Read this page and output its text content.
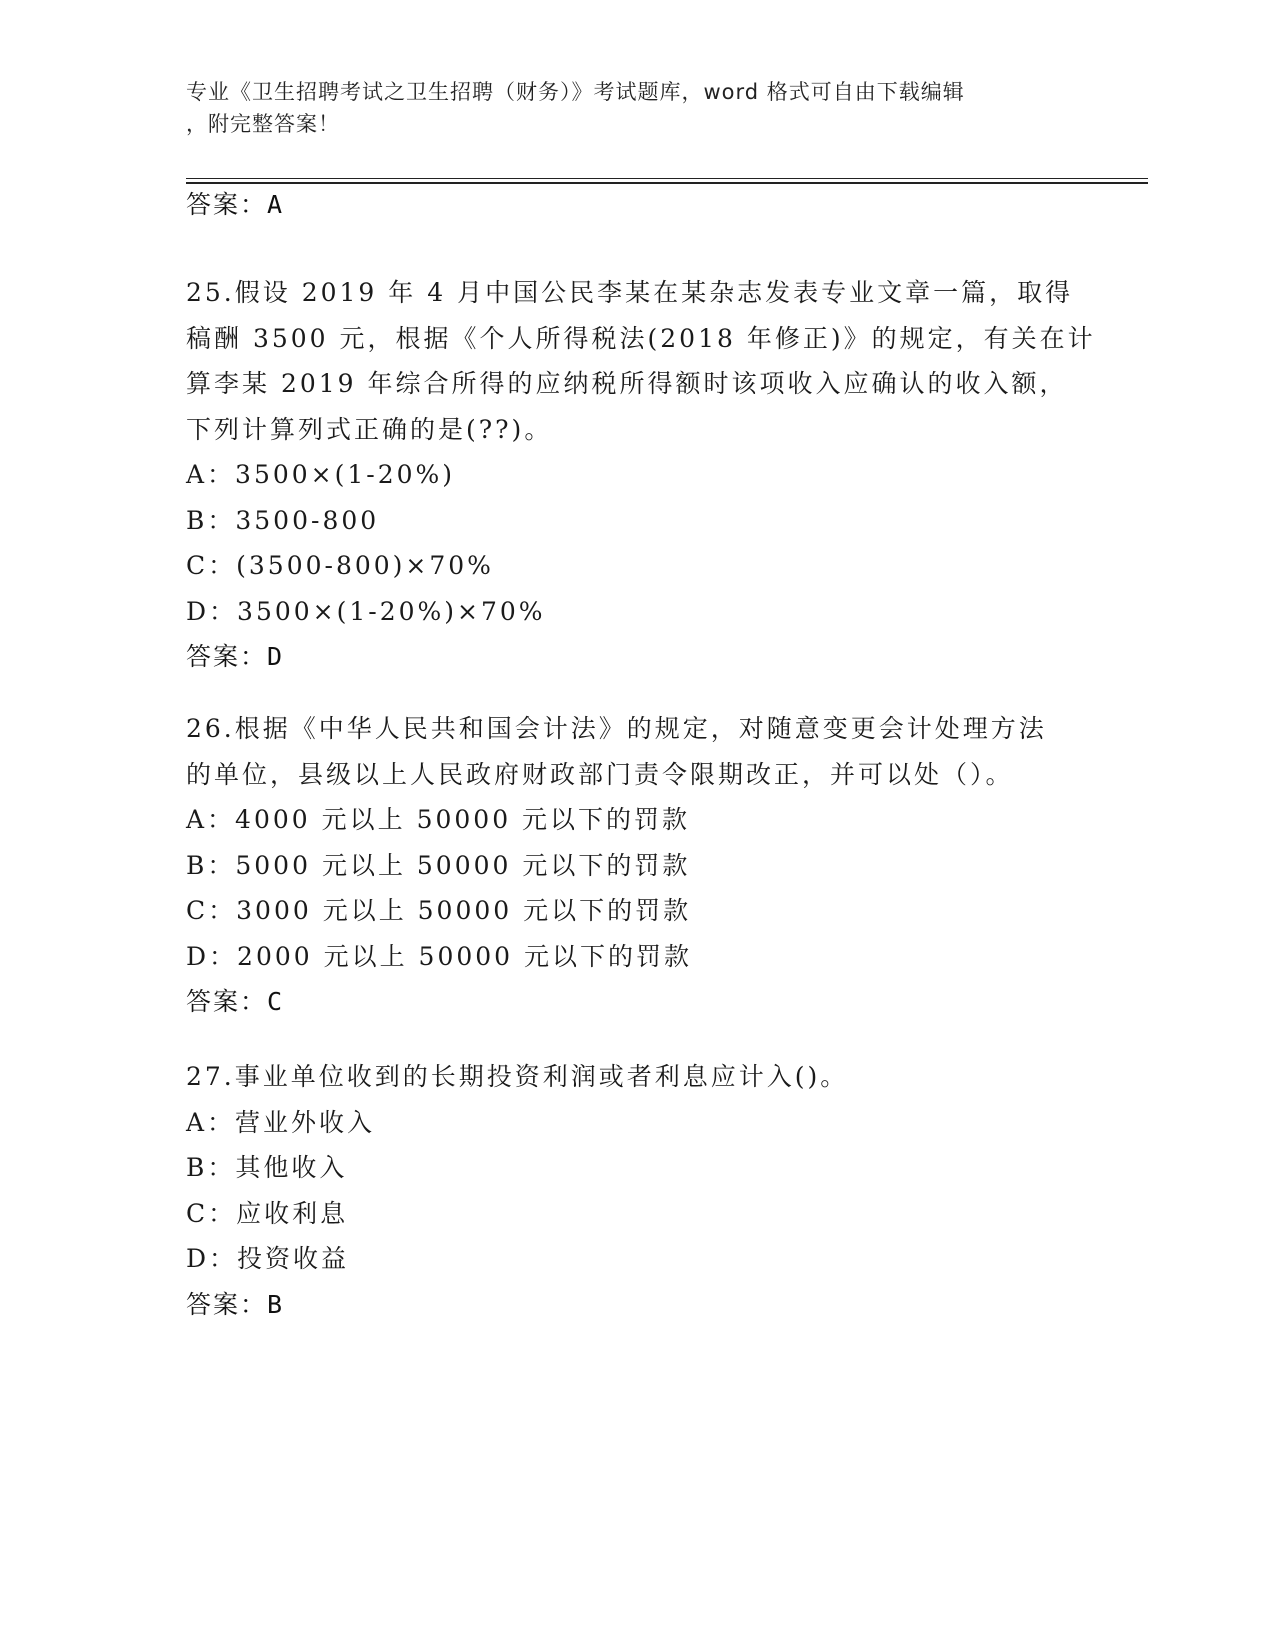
专业《卫生招聘考试之卫生招聘（财务）》考试题库，word 格式可自由下载编辑
，附完整答案！
答案：A
25.假设 2019 年 4 月中国公民李某在某杂志发表专业文章一篇，取得
稿酬 3500 元，根据《个人所得税法(2018 年修正)》的规定，有关在计
算李某 2019 年综合所得的应纳税所得额时该项收入应确认的收入额，
下列计算列式正确的是(??)。
A：3500×(1-20%)
B：3500-800
C：(3500-800)×70%
D：3500×(1-20%)×70%
答案：D
26.根据《中华人民共和国会计法》的规定，对随意变更会计处理方法
的单位，县级以上人民政府财政部门责令限期改正，并可以处（）。
A：4000 元以上 50000 元以下的罚款
B：5000 元以上 50000 元以下的罚款
C：3000 元以上 50000 元以下的罚款
D：2000 元以上 50000 元以下的罚款
答案：C
27.事业单位收到的长期投资利润或者利息应计入()。
A：营业外收入
B：其他收入
C：应收利息
D：投资收益
答案：B
